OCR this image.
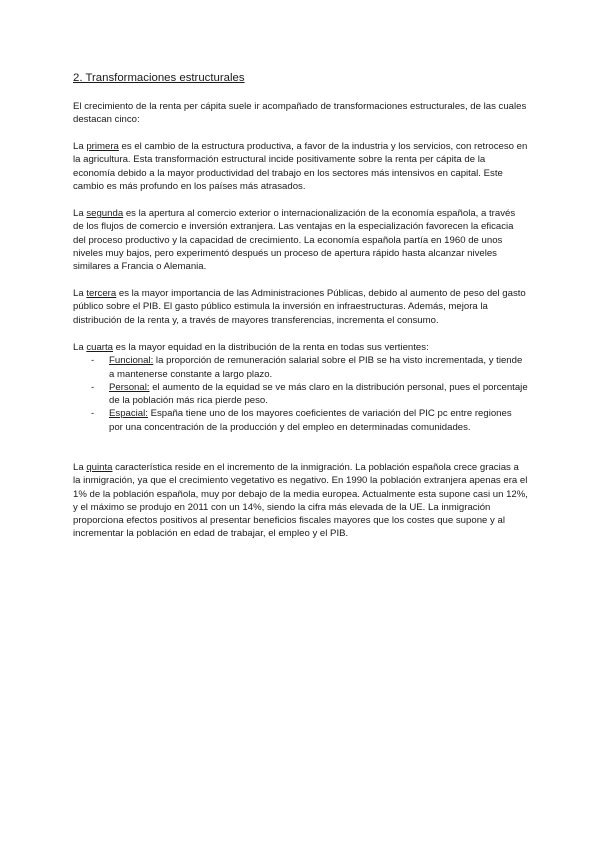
2. Transformaciones estructurales

El crecimiento de la renta per cápita suele ir acompañado de transformaciones estructurales, de las cuales destacan cinco:

La primera es el cambio de la estructura productiva, a favor de la industria y los servicios, con retroceso en la agricultura. Esta transformación estructural incide positivamente sobre la renta per cápita de la economía debido a la mayor productividad del trabajo en los sectores más intensivos en capital. Este cambio es más profundo en los países más atrasados.

La segunda es la apertura al comercio exterior o internacionalización de la economía española, a través de los flujos de comercio e inversión extranjera. Las ventajas en la especialización favorecen la eficacia del proceso productivo y la capacidad de crecimiento. La economía española partía en 1960 de unos niveles muy bajos, pero experimentó después un proceso de apertura rápido hasta alcanzar niveles similares a Francia o Alemania.

La tercera es la mayor importancia de las Administraciones Públicas, debido al aumento de peso del gasto público sobre el PIB. El gasto público estimula la inversión en infraestructuras. Además, mejora la distribución de la renta y, a través de mayores transferencias, incrementa el consumo.

La cuarta es la mayor equidad en la distribución de la renta en todas sus vertientes:
- Funcional: la proporción de remuneración salarial sobre el PIB se ha visto incrementada, y tiende a mantenerse constante a largo plazo.
- Personal: el aumento de la equidad se ve más claro en la distribución personal, pues el porcentaje de la población más rica pierde peso.
- Espacial: España tiene uno de los mayores coeficientes de variación del PIC pc entre regiones por una concentración de la producción y del empleo en determinadas comunidades.

La quinta característica reside en el incremento de la inmigración. La población española crece gracias a la inmigración, ya que el crecimiento vegetativo es negativo. En 1990 la población extranjera apenas era el 1% de la población española, muy por debajo de la media europea. Actualmente esta supone casi un 12%, y el máximo se produjo en 2011 con un 14%, siendo la cifra más elevada de la UE. La inmigración proporciona efectos positivos al presentar beneficios fiscales mayores que los costes que supone y al incrementar la población en edad de trabajar, el empleo y el PIB.
